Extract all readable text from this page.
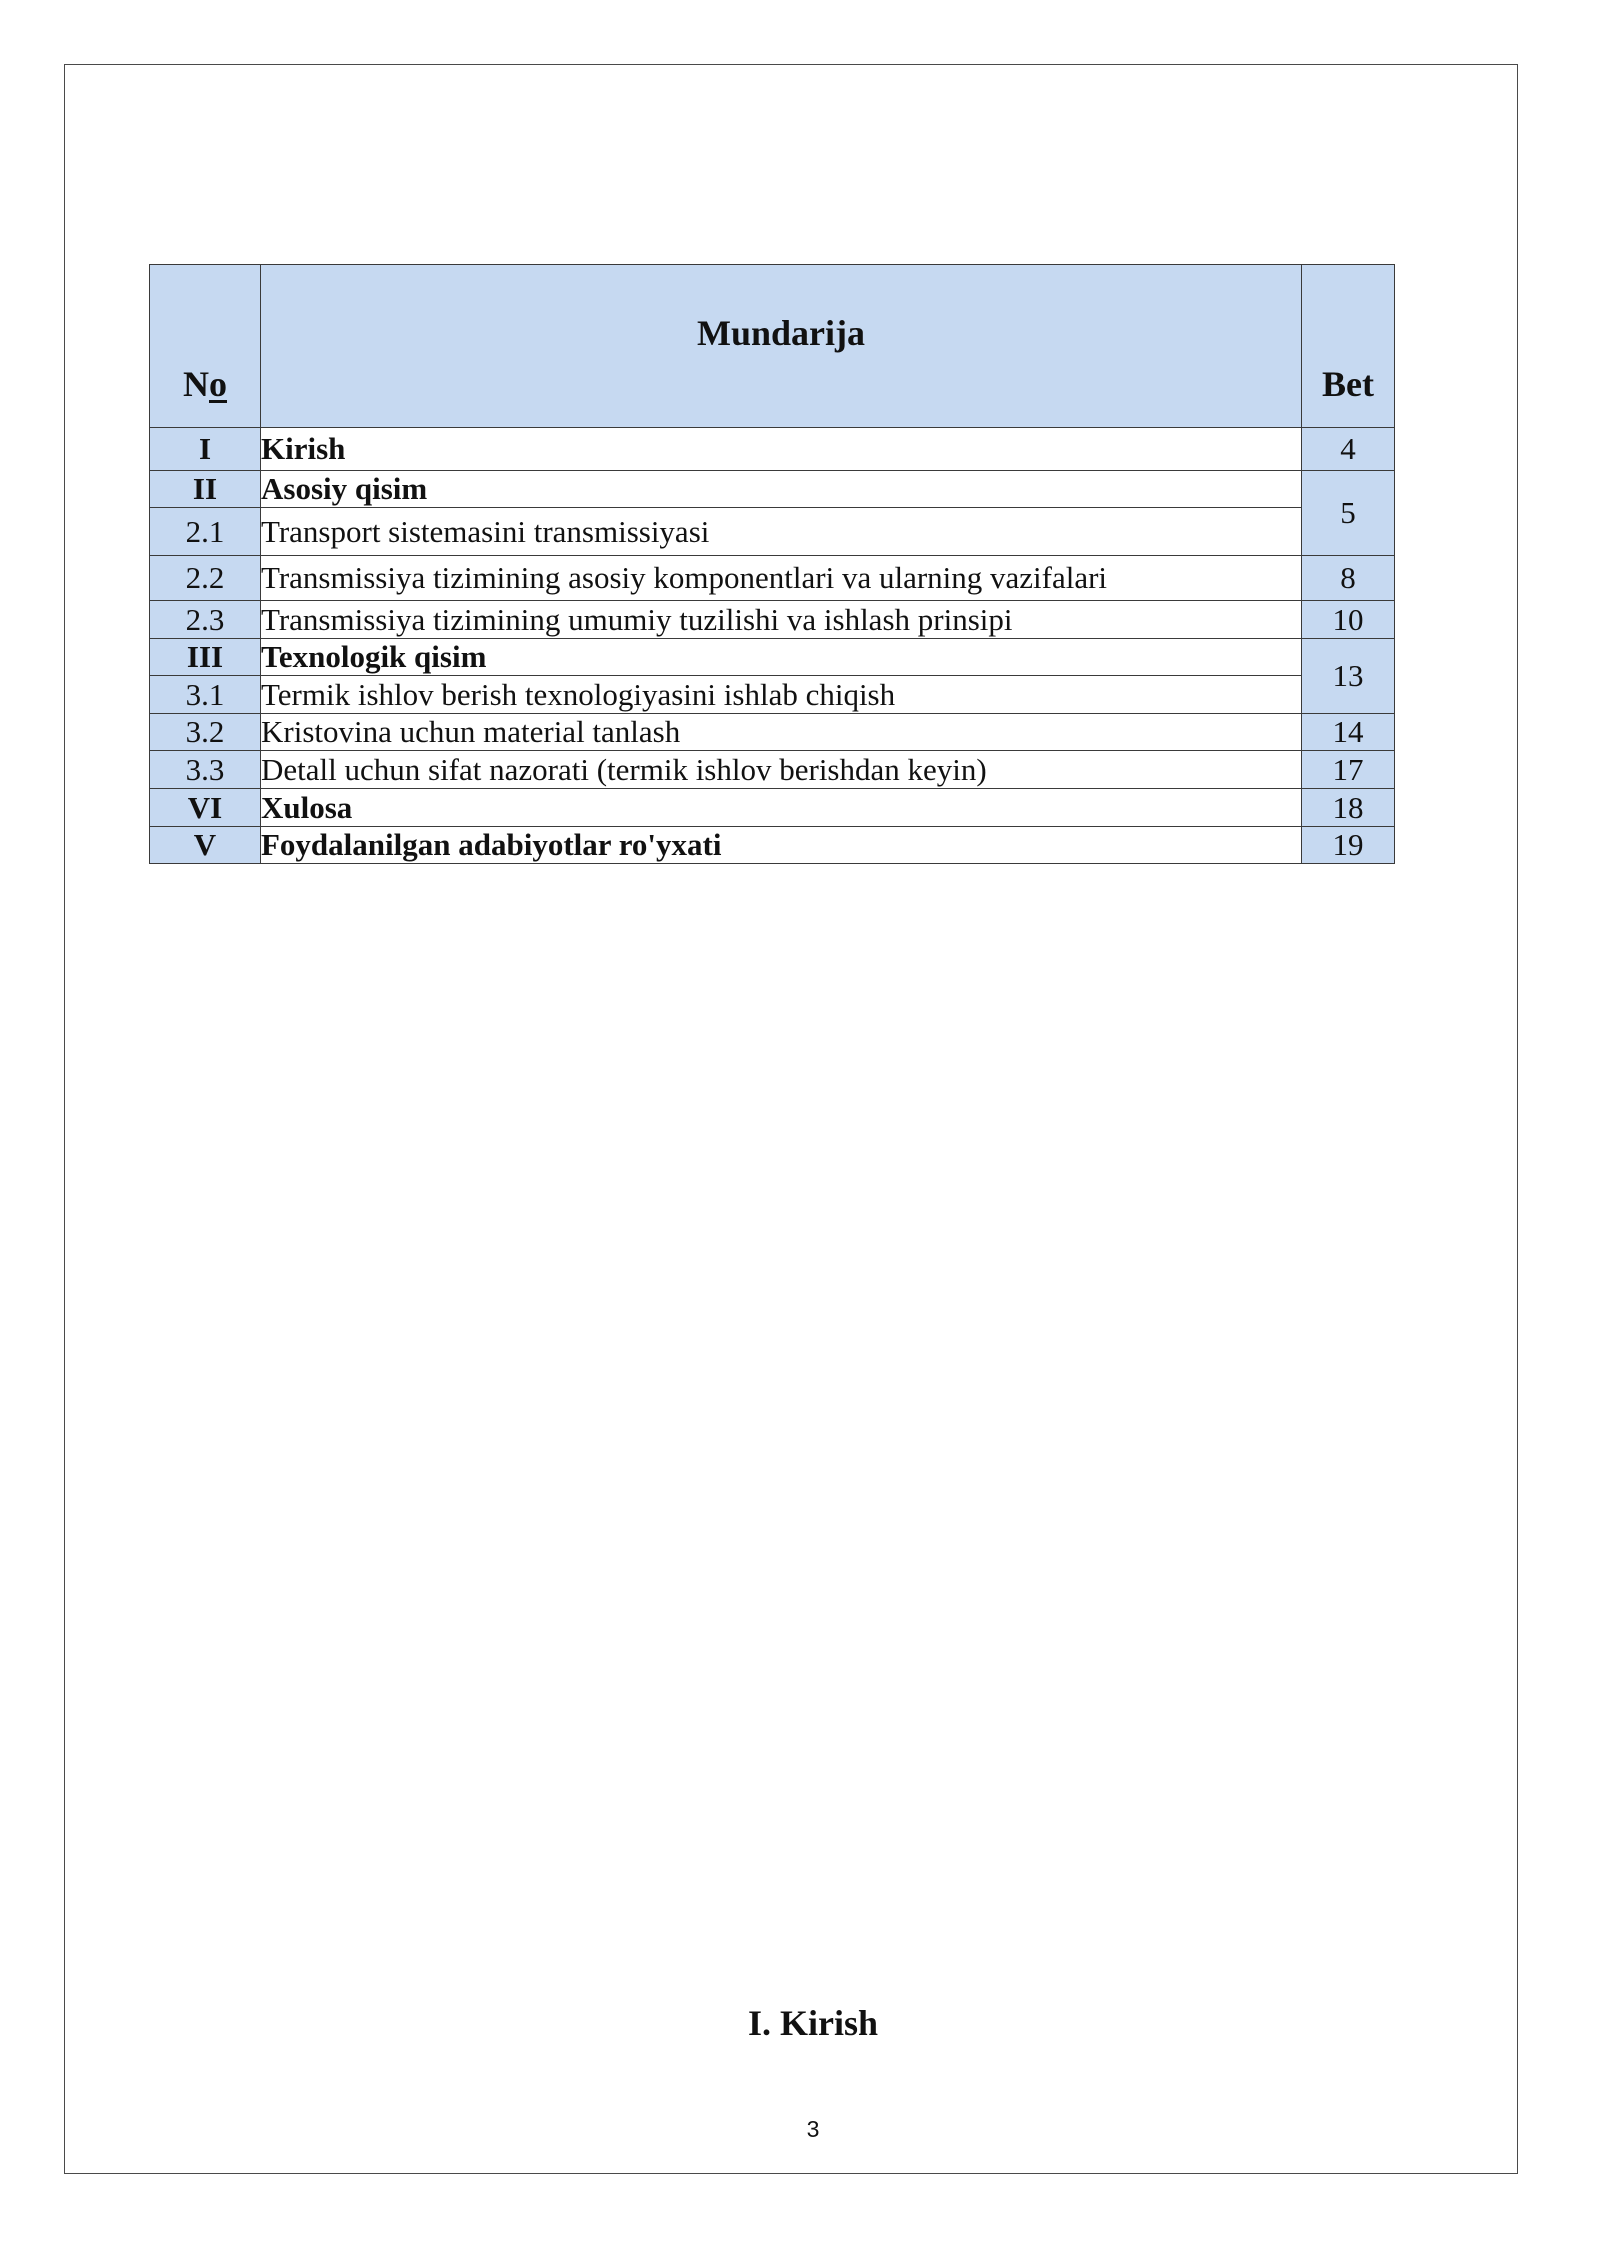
No	Mundarija	Bet
I	Kirish	4
II	Asosiy qisim	5
2.1	Transport sistemasini transmissiyasi	
2.2	Transmissiya tizimining asosiy komponentlari va ularning vazifalari	8
2.3	Transmissiya tizimining umumiy tuzilishi va ishlash prinsipi	10
III	Texnologik qisim	13
3.1	Termik ishlov berish texnologiyasini ishlab chiqish	
3.2	Kristovina uchun material tanlash	14
3.3	Detall uchun sifat nazorati (termik ishlov berishdan keyin)	17
VI	Xulosa	18
V	Foydalanilgan adabiyotlar ro'yxati	19
I. Kirish
3
